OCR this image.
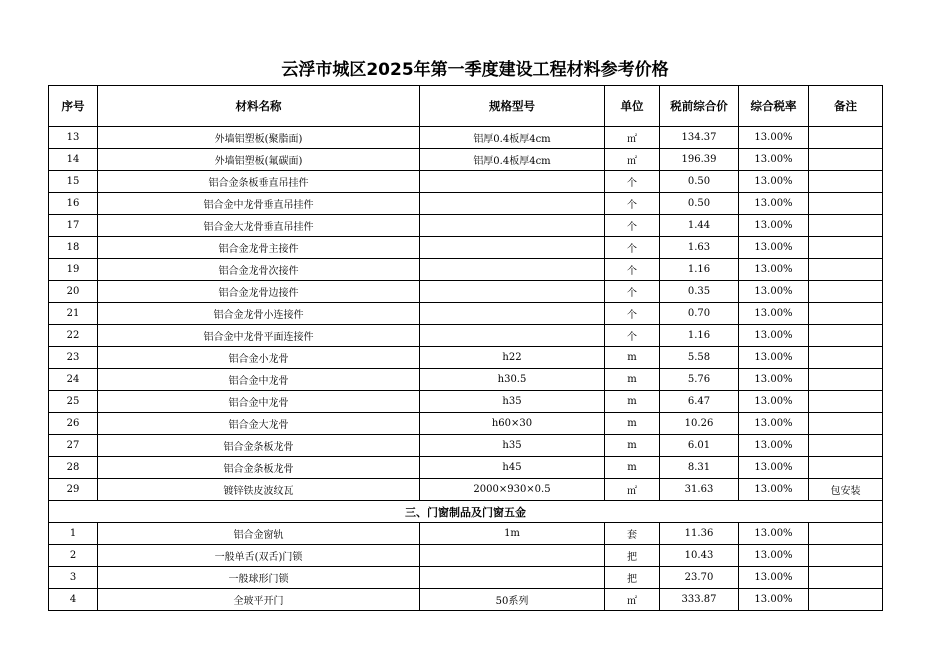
云浮市城区2025年第一季度建设工程材料参考价格
序号	材料名称	规格型号	单位	税前综合价	综合税率	备注
13	外墙铝塑板(聚脂面)	铝厚0.4板厚4cm	㎡	134.37	13.00%	
14	外墙铝塑板(氟碳面)	铝厚0.4板厚4cm	㎡	196.39	13.00%	
15	铝合金条板垂直吊挂件		个	0.50	13.00%	
16	铝合金中龙骨垂直吊挂件		个	0.50	13.00%	
17	铝合金大龙骨垂直吊挂件		个	1.44	13.00%	
18	铝合金龙骨主接件		个	1.63	13.00%	
19	铝合金龙骨次接件		个	1.16	13.00%	
20	铝合金龙骨边接件		个	0.35	13.00%	
21	铝合金龙骨小连接件		个	0.70	13.00%	
22	铝合金中龙骨平面连接件		个	1.16	13.00%	
23	铝合金小龙骨	h22	m	5.58	13.00%	
24	铝合金中龙骨	h30.5	m	5.76	13.00%	
25	铝合金中龙骨	h35	m	6.47	13.00%	
26	铝合金大龙骨	h60×30	m	10.26	13.00%	
27	铝合金条板龙骨	h35	m	6.01	13.00%	
28	铝合金条板龙骨	h45	m	8.31	13.00%	
29	镀锌铁皮波纹瓦	2000×930×0.5	㎡	31.63	13.00%	包安装
三、门窗制品及门窗五金						
1	铝合金窗轨	1m	套	11.36	13.00%	
2	一般单舌(双舌)门锁		把	10.43	13.00%	
3	一般球形门锁		把	23.70	13.00%	
4	全玻平开门	50系列	㎡	333.87	13.00%	
